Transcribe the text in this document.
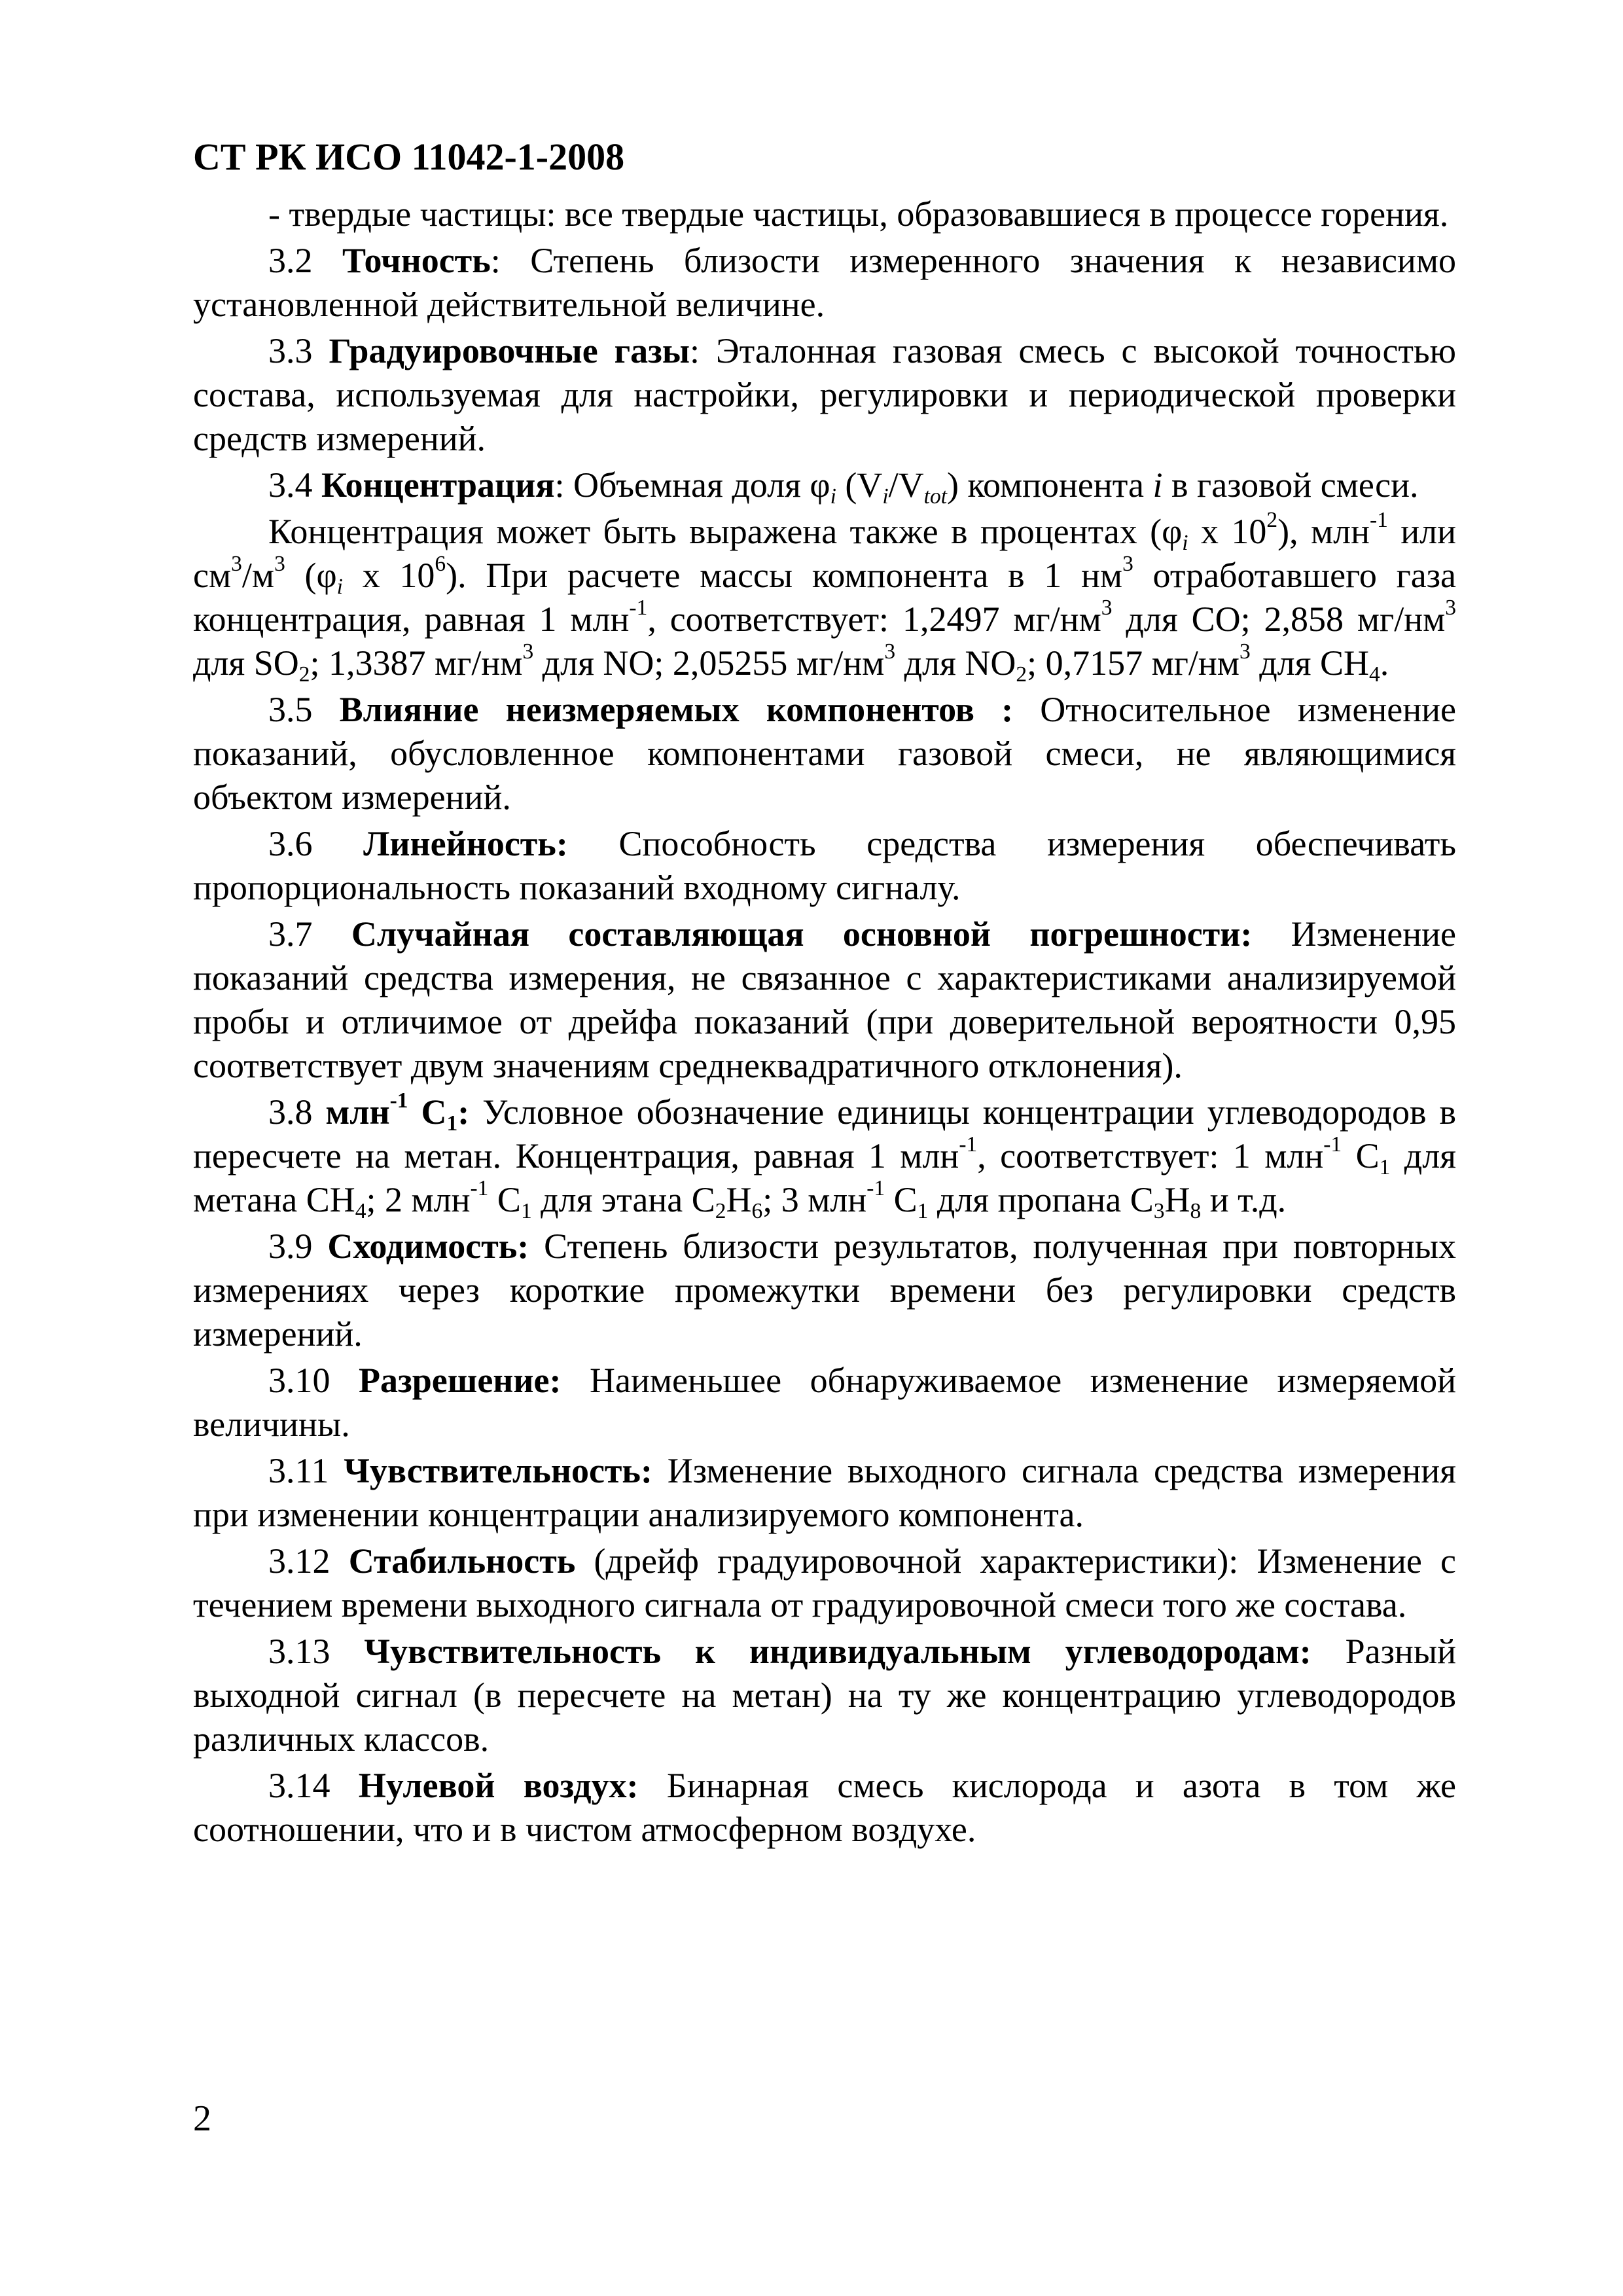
СТ РК ИСО 11042-1-2008

- твердые частицы: все твердые частицы, образовавшиеся в процессе горения.

3.2 Точность: Степень близости измеренного значения к независимо установленной действительной величине.

3.3 Градуировочные газы: Эталонная газовая смесь с высокой точностью состава, используемая для настройки, регулировки и периодической проверки средств измерений.

3.4 Концентрация: Объемная доля $\varphi_i$ $(V_i/V_{tot})$ компонента i в газовой смеси.

Концентрация может быть выражена также в процентах ($\varphi_i$ x $10^2$), млн$^{-1}$ или $см^3/м^3$ ($\varphi_i$ x $10^6$). При расчете массы компонента в 1 $нм^3$ отработавшего газа концентрация, равная 1 млн$^{-1}$, соответствует: 1,2497 $мг/нм^3$ для СО; 2,858 $мг/нм^3$ для $SO_2$; 1,3387 $мг/нм^3$ для NO; 2,05255 $мг/нм^3$ для $NO_2$; 0,7157 $мг/нм^3$ для $СН_4$.

3.5 Влияние неизмеряемых компонентов : Относительное изменение показаний, обусловленное компонентами газовой смеси, не являющимися объектом измерений.

3.6 Линейность: Способность средства измерения обеспечивать пропорциональность показаний входному сигналу.

3.7 Случайная составляющая основной погрешности: Изменение показаний средства измерения, не связанное с характеристиками анализируемой пробы и отличимое от дрейфа показаний (при доверительной вероятности 0,95 соответствует двум значениям среднеквадратичного отклонения).

3.8 млн$^{-1}$ $С_1$: Условное обозначение единицы концентрации углеводородов в пересчете на метан. Концентрация, равная 1 млн$^{-1}$, соответствует: 1 млн$^{-1}$ $С_1$ для метана $СН_4$; 2 млн$^{-1}$ $С_1$ для этана $С_2Н_6$; 3 млн$^{-1}$ $С_1$ для пропана $С_3Н_8$ и т.д.

3.9 Сходимость: Степень близости результатов, полученная при повторных измерениях через короткие промежутки времени без регулировки средств измерений.

3.10 Разрешение: Наименьшее обнаруживаемое изменение измеряемой величины.

3.11 Чувствительность: Изменение выходного сигнала средства измерения при изменении концентрации анализируемого компонента.

3.12 Стабильность (дрейф градуировочной характеристики): Изменение с течением времени выходного сигнала от градуировочной смеси того же состава.

3.13 Чувствительность к индивидуальным углеводородам: Разный выходной сигнал (в пересчете на метан) на ту же концентрацию углеводородов различных классов.

3.14 Нулевой воздух: Бинарная смесь кислорода и азота в том же соотношении, что и в чистом атмосферном воздухе.

2
